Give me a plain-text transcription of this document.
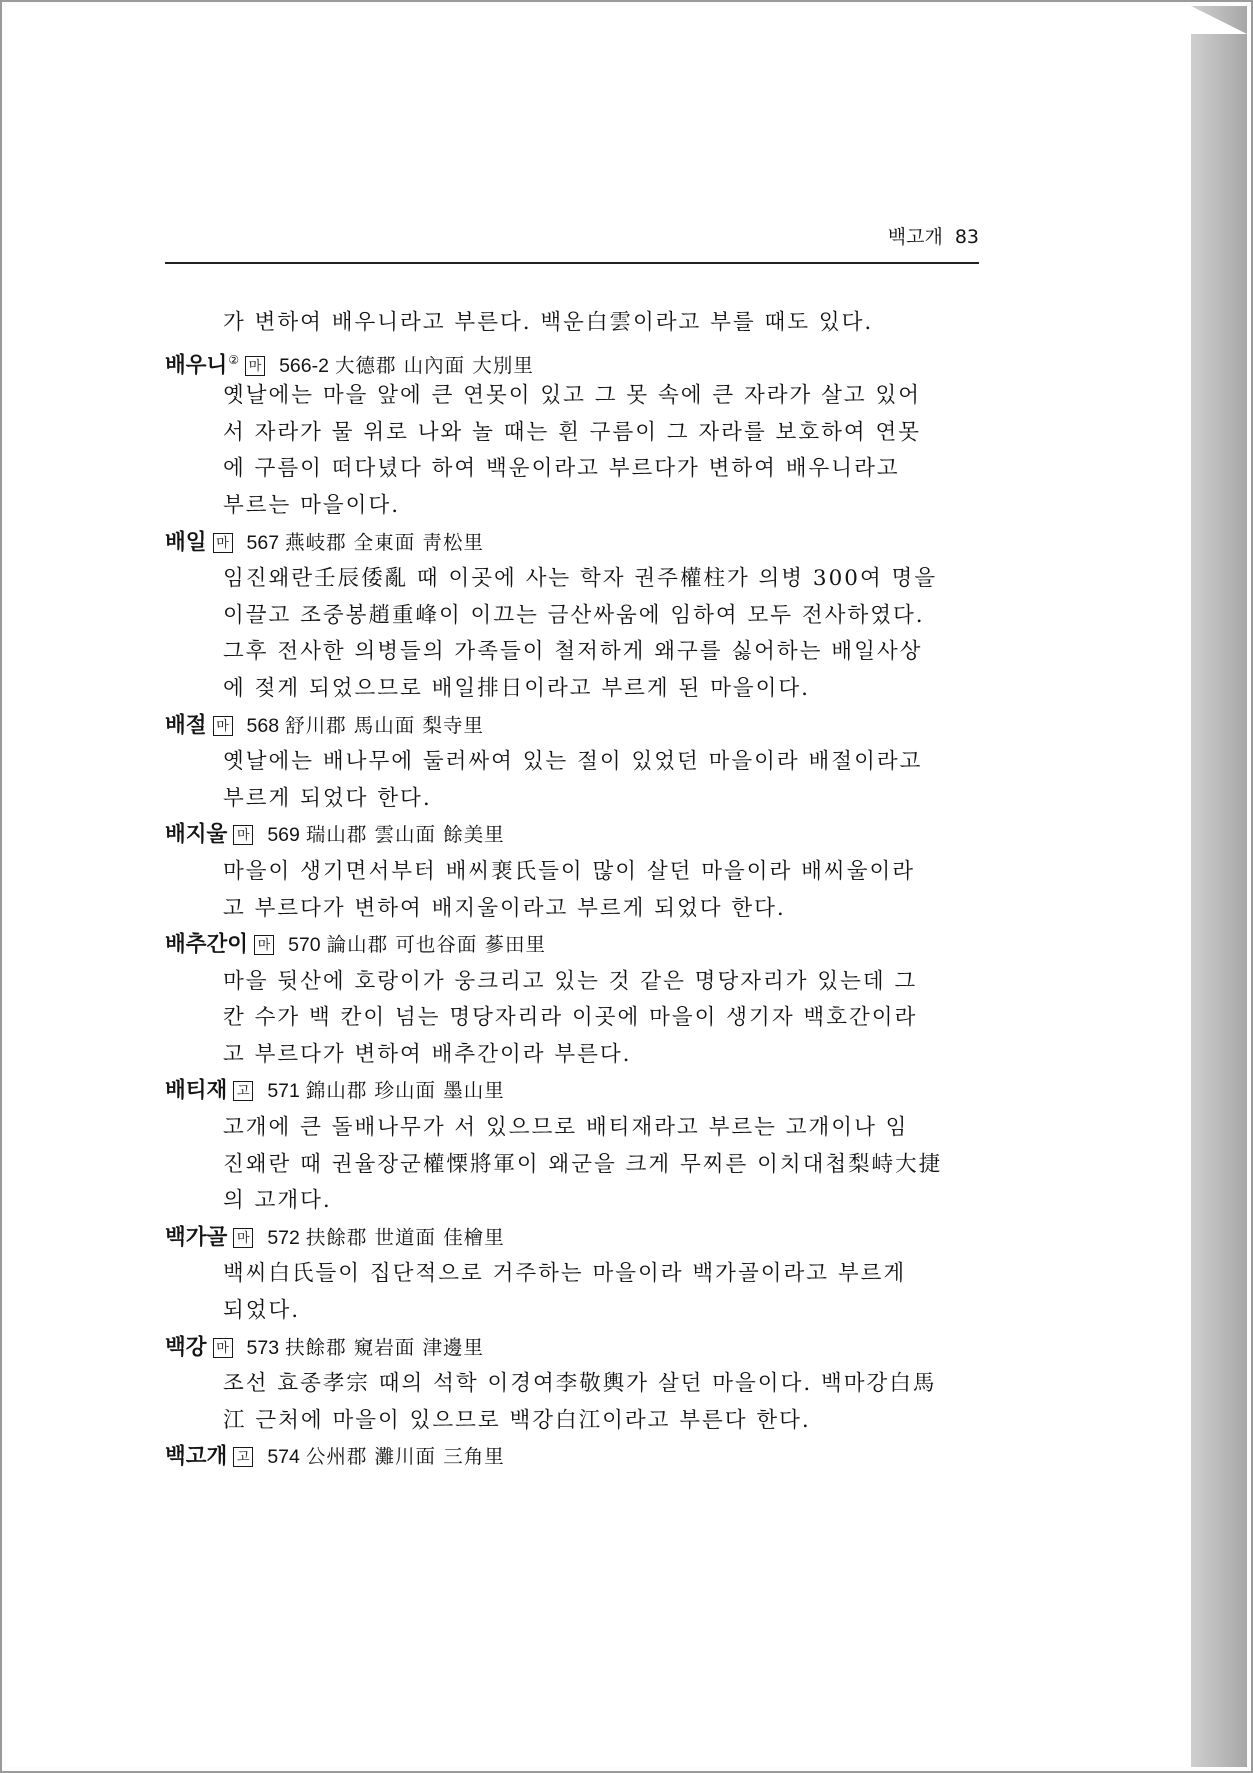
백고개 83
가 변하여 배우니라고 부른다. 백운白雲이라고 부를 때도 있다.
배우니② 마 566-2 大德郡 山內面 大別里
옛날에는 마을 앞에 큰 연못이 있고 그 못 속에 큰 자라가 살고 있어
서 자라가 물 위로 나와 놀 때는 흰 구름이 그 자라를 보호하여 연못
에 구름이 떠다녔다 하여 백운이라고 부르다가 변하여 배우니라고
부르는 마을이다.
배일 마 567 燕岐郡 全東面 靑松里
임진왜란壬辰倭亂 때 이곳에 사는 학자 권주權柱가 의병 300여 명을
이끌고 조중봉趙重峰이 이끄는 금산싸움에 임하여 모두 전사하였다.
그후 전사한 의병들의 가족들이 철저하게 왜구를 싫어하는 배일사상
에 젖게 되었으므로 배일排日이라고 부르게 된 마을이다.
배절 마 568 舒川郡 馬山面 梨寺里
옛날에는 배나무에 둘러싸여 있는 절이 있었던 마을이라 배절이라고
부르게 되었다 한다.
배지울 마 569 瑞山郡 雲山面 餘美里
마을이 생기면서부터 배씨裵氏들이 많이 살던 마을이라 배씨울이라
고 부르다가 변하여 배지울이라고 부르게 되었다 한다.
배추간이 마 570 論山郡 可也谷面 蔘田里
마을 뒷산에 호랑이가 웅크리고 있는 것 같은 명당자리가 있는데 그
칸 수가 백 칸이 넘는 명당자리라 이곳에 마을이 생기자 백호간이라
고 부르다가 변하여 배추간이라 부른다.
배티재 고 571 錦山郡 珍山面 墨山里
고개에 큰 돌배나무가 서 있으므로 배티재라고 부르는 고개이나 임
진왜란 때 권율장군權慄將軍이 왜군을 크게 무찌른 이치대첩梨峙大捷
의 고개다.
백가골 마 572 扶餘郡 世道面 佳檜里
백씨白氏들이 집단적으로 거주하는 마을이라 백가골이라고 부르게
되었다.
백강 마 573 扶餘郡 窺岩面 津邊里
조선 효종孝宗 때의 석학 이경여李敬輿가 살던 마을이다. 백마강白馬
江 근처에 마을이 있으므로 백강白江이라고 부른다 한다.
백고개 고 574 公州郡 灘川面 三角里
